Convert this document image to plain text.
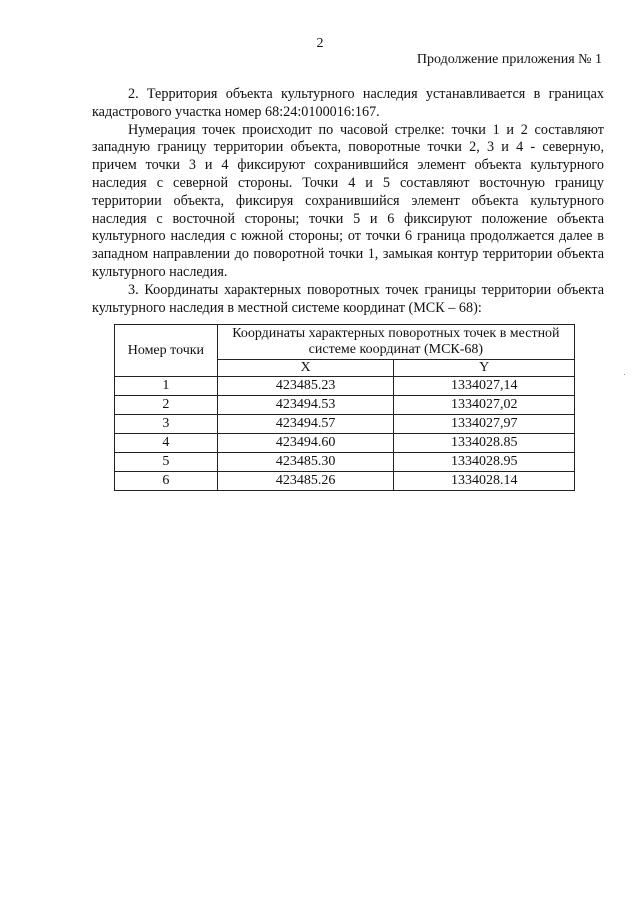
2
Продолжение приложения № 1

2. Территория объекта культурного наследия устанавливается в границах кадастрового участка номер 68:24:0100016:167.

Нумерация точек происходит по часовой стрелке: точки 1 и 2 составляют западную границу территории объекта, поворотные точки 2, 3 и 4 - северную, причем точки 3 и 4 фиксируют сохранившийся элемент объекта культурного наследия с северной стороны. Точки 4 и 5 составляют восточную границу территории объекта, фиксируя сохранившийся элемент объекта культурного наследия с восточной стороны; точки 5 и 6 фиксируют положение объекта культурного наследия с южной стороны; от точки 6 граница продолжается далее в западном направлении до поворотной точки 1, замыкая контур территории объекта культурного наследия.

3. Координаты характерных поворотных точек границы территории объекта культурного наследия в местной системе координат (МСК – 68):

Номер точки	Координаты характерных поворотных точек в местной системе координат (МСК-68)	
	X	Y
1	423485.23	1334027,14
2	423494.53	1334027,02
3	423494.57	1334027,97
4	423494.60	1334028.85
5	423485.30	1334028.95
6	423485.26	1334028.14
